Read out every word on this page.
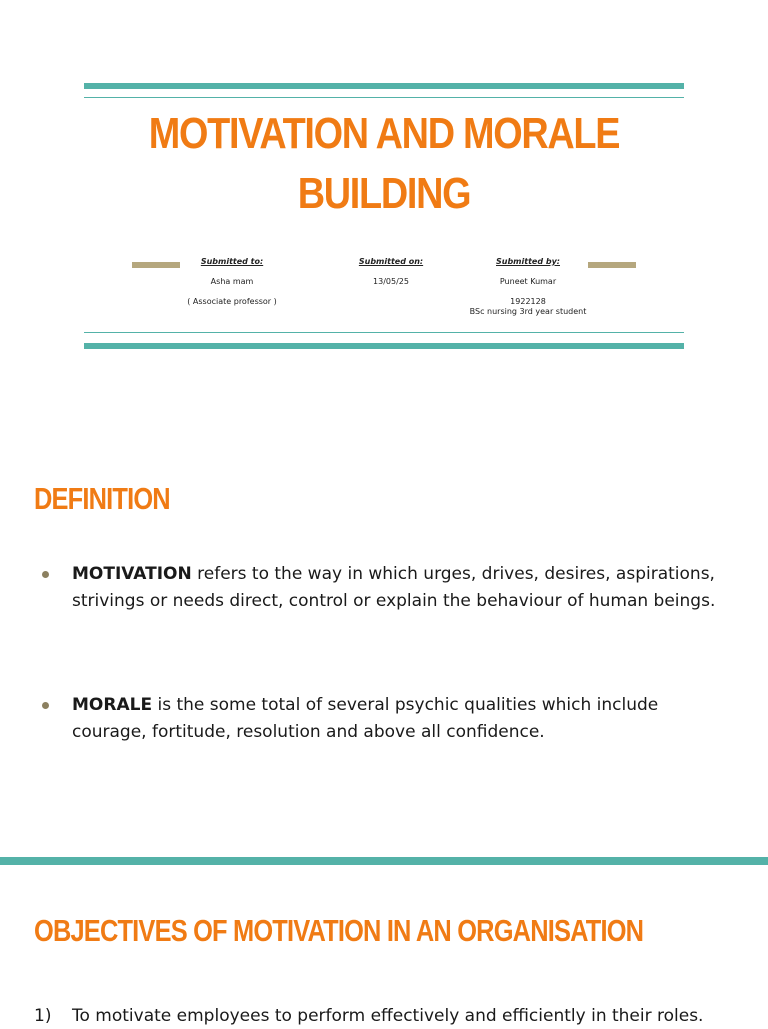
MOTIVATION AND MORALE
BUILDING
Submitted to:
Asha mam
( Associate professor )
Submitted on:
13/05/25
Submitted by:
Puneet Kumar
1922128
BSc nursing 3rd year student
DEFINITION

MOTIVATION refers to the way in which urges, drives, desires, aspirations, strivings or needs direct, control or explain the behaviour of human beings.

MORALE is the some total of several psychic qualities which include courage, fortitude, resolution and above all confidence.

OBJECTIVES OF MOTIVATION IN AN ORGANISATION

1) To motivate employees to perform effectively and efficiently in their roles.
